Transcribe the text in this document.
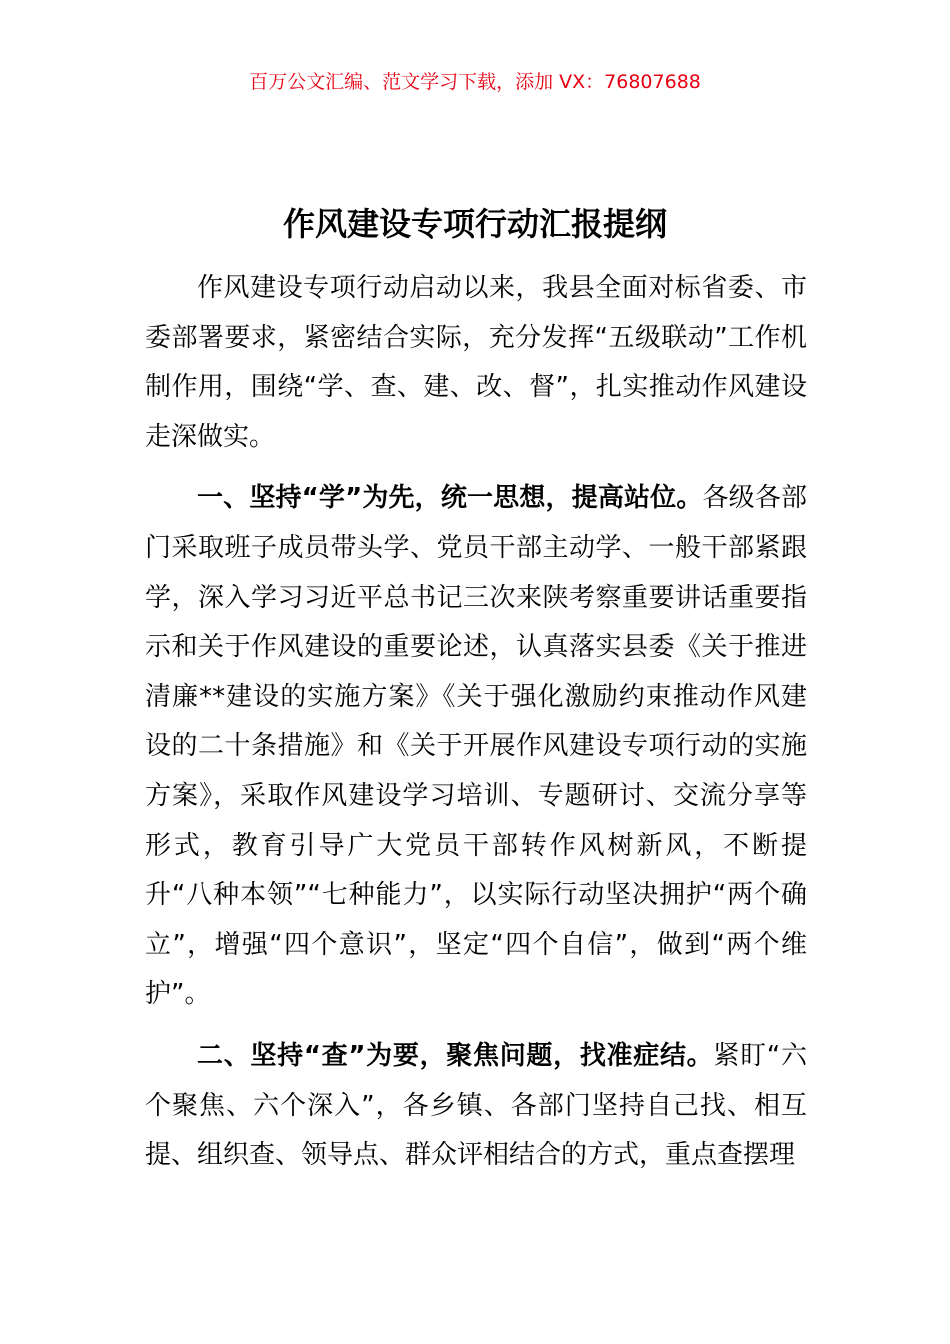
百万公文汇编、范文学习下载，添加 VX：76807688
作风建设专项行动汇报提纲

作风建设专项行动启动以来，我县全面对标省委、市委部署要求，紧密结合实际，充分发挥“五级联动”工作机制作用，围绕“学、查、建、改、督”，扎实推动作风建设走深做实。

一、坚持“学”为先，统一思想，提高站位。各级各部门采取班子成员带头学、党员干部主动学、一般干部紧跟学，深入学习习近平总书记三次来陕考察重要讲话重要指示和关于作风建设的重要论述，认真落实县委《关于推进清廉**建设的实施方案》《关于强化激励约束推动作风建设的二十条措施》和《关于开展作风建设专项行动的实施方案》，采取作风建设学习培训、专题研讨、交流分享等形式，教育引导广大党员干部转作风树新风，不断提升“八种本领”“七种能力”，以实际行动坚决拥护“两个确立”，增强“四个意识”，坚定“四个自信”，做到“两个维护”。

二、坚持“查”为要，聚焦问题，找准症结。紧盯“六个聚焦、六个深入”，各乡镇、各部门坚持自己找、相互提、组织查、领导点、群众评相结合的方式，重点查摆理
